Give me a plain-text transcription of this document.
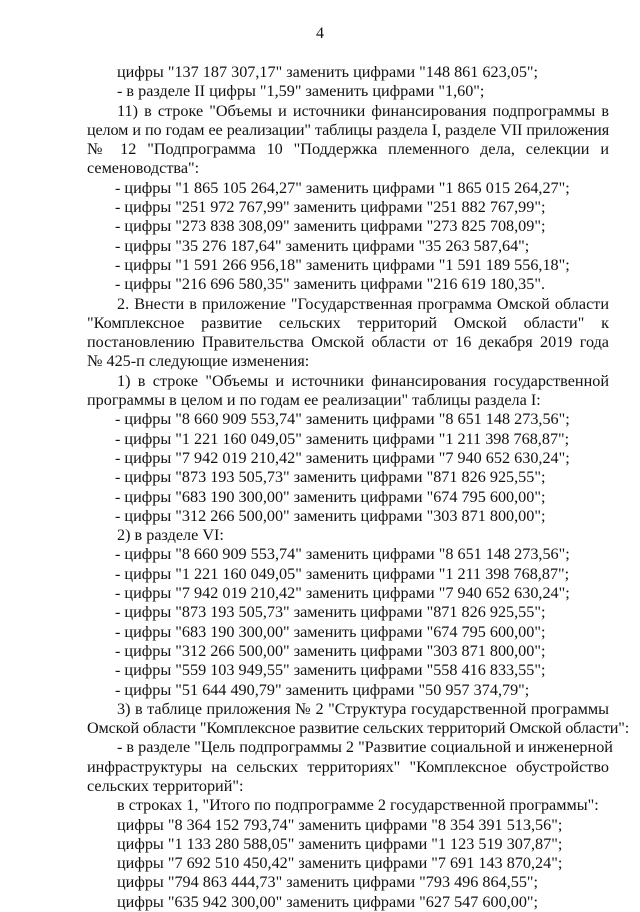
4
цифры "137 187 307,17" заменить цифрами "148 861 623,05";
- в разделе II цифры "1,59" заменить цифрами "1,60";
11) в строке "Объемы и источники финансирования подпрограммы в
целом и по годам ее реализации" таблицы раздела I, разделе VII приложения
№ 12 "Подпрограмма 10 "Поддержка племенного дела, селекции и
семеноводства":
- цифры "1 865 105 264,27" заменить цифрами "1 865 015 264,27";
- цифры "251 972 767,99" заменить цифрами "251 882 767,99";
- цифры "273 838 308,09" заменить цифрами "273 825 708,09";
- цифры "35 276 187,64" заменить цифрами "35 263 587,64";
- цифры "1 591 266 956,18" заменить цифрами "1 591 189 556,18";
- цифры "216 696 580,35" заменить цифрами "216 619 180,35".
2. Внести в приложение "Государственная программа Омской области
"Комплексное развитие сельских территорий Омской области" к
постановлению Правительства Омской области от 16 декабря 2019 года
№ 425-п следующие изменения:
1) в строке "Объемы и источники финансирования государственной
программы в целом и по годам ее реализации" таблицы раздела I:
- цифры "8 660 909 553,74" заменить цифрами "8 651 148 273,56";
- цифры "1 221 160 049,05" заменить цифрами "1 211 398 768,87";
- цифры "7 942 019 210,42" заменить цифрами "7 940 652 630,24";
- цифры "873 193 505,73" заменить цифрами "871 826 925,55";
- цифры "683 190 300,00" заменить цифрами "674 795 600,00";
- цифры "312 266 500,00" заменить цифрами "303 871 800,00";
2) в разделе VI:
- цифры "8 660 909 553,74" заменить цифрами "8 651 148 273,56";
- цифры "1 221 160 049,05" заменить цифрами "1 211 398 768,87";
- цифры "7 942 019 210,42" заменить цифрами "7 940 652 630,24";
- цифры "873 193 505,73" заменить цифрами "871 826 925,55";
- цифры "683 190 300,00" заменить цифрами "674 795 600,00";
- цифры "312 266 500,00" заменить цифрами "303 871 800,00";
- цифры "559 103 949,55" заменить цифрами "558 416 833,55";
- цифры "51 644 490,79" заменить цифрами "50 957 374,79";
3) в таблице приложения № 2 "Структура государственной программы
Омской области "Комплексное развитие сельских территорий Омской области":
- в разделе "Цель подпрограммы 2 "Развитие социальной и инженерной
инфраструктуры на сельских территориях" "Комплексное обустройство
сельских территорий":
в строках 1, "Итого по подпрограмме 2 государственной программы":
цифры "8 364 152 793,74" заменить цифрами "8 354 391 513,56";
цифры "1 133 280 588,05" заменить цифрами "1 123 519 307,87";
цифры "7 692 510 450,42" заменить цифрами "7 691 143 870,24";
цифры "794 863 444,73" заменить цифрами "793 496 864,55";
цифры "635 942 300,00" заменить цифрами "627 547 600,00";
